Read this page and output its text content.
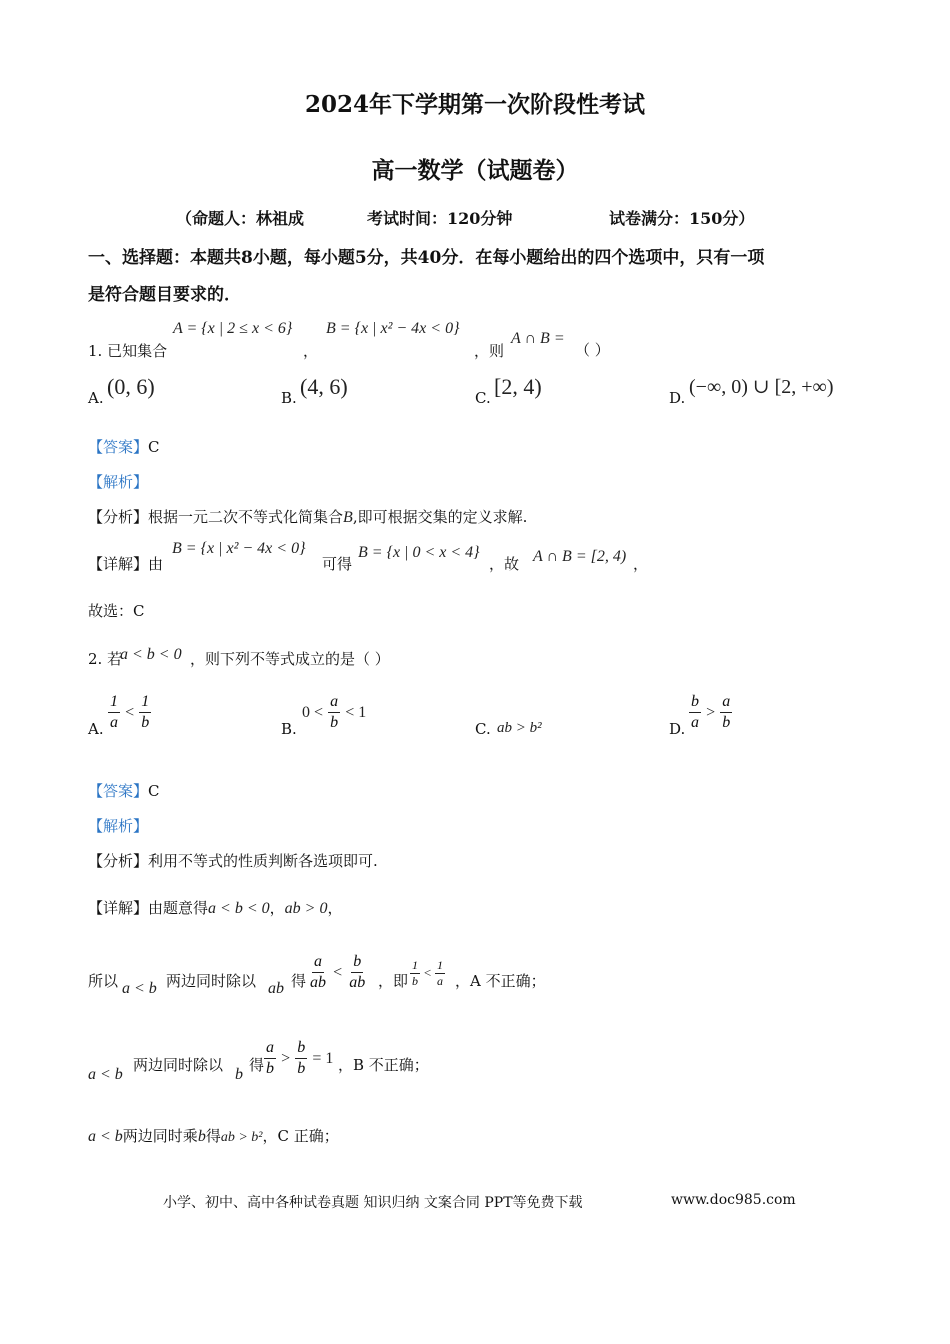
2024年下学期第一次阶段性考试
高一数学（试题卷）
（命题人：林祖成	考试时间：120分钟	试卷满分：150分）
一、选择题：本题共8小题，每小题5分，共40分．在每小题给出的四个选项中，只有一项
是符合题目要求的．
1. 已知集合
A = {x | 2 ≤ x < 6}
，
B = {x | x² − 4x < 0}
，则
A ∩ B =
（ ）
A. (0, 6)	B. (4, 6)	C. [2, 4)	D. (−∞, 0) ∪ [2, +∞)
【答案】C
【解析】
【分析】根据一元二次不等式化简集合B,即可根据交集的定义求解.
【详解】由
B = {x | x² − 4x < 0}
可得
B = {x | 0 < x < 4}
，故 A ∩ B = [2, 4) ，
故选：C
2. 若
a < b < 0 ，则下列不等式成立的是（ ）
A. $\frac{1}{a} < \frac{1}{b}$	B.
$0 < \frac{a}{b} < 1$
C. ab > b²	D. $\frac{b}{a} > \frac{a}{b}$
【答案】C
【解析】
【分析】利用不等式的性质判断各选项即可.
【详解】由题意得a < b < 0，ab > 0，
所以 a < b 两边同时除以 ab 得 $\frac{a}{ab} < \frac{b}{ab}$ ，即 $\frac{1}{b} < \frac{1}{a}$ ，A 不正确；
a < b
两边同时除以
b
得 $\frac{a}{b} > \frac{b}{b} = 1$ ，B 不正确；
a < b两边同时乘b得ab > b²，C 正确；
小学、初中、高中各种试卷真题 知识归纳 文案合同 PPT等免费下载	www.doc985.com
